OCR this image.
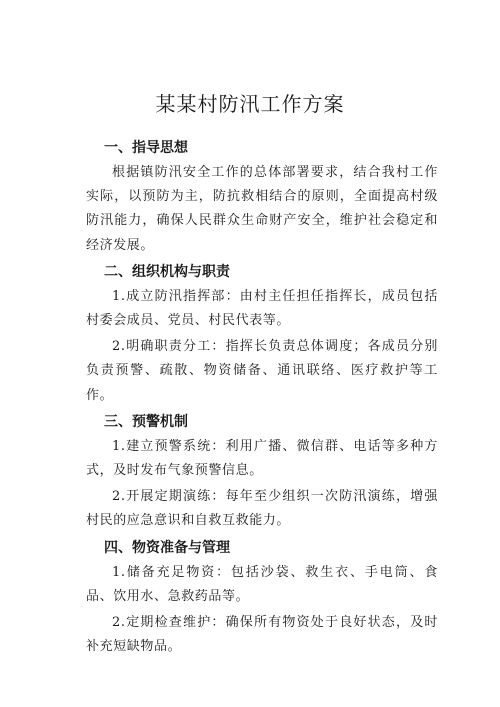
某某村防汛工作方案
一、指导思想

根据镇防汛安全工作的总体部署要求，结合我村工作实际，以预防为主，防抗救相结合的原则，全面提高村级防汛能力，确保人民群众生命财产安全，维护社会稳定和经济发展。

二、组织机构与职责

1.成立防汛指挥部：由村主任担任指挥长，成员包括村委会成员、党员、村民代表等。

2.明确职责分工：指挥长负责总体调度；各成员分别负责预警、疏散、物资储备、通讯联络、医疗救护等工作。

三、预警机制

1.建立预警系统：利用广播、微信群、电话等多种方式，及时发布气象预警信息。

2.开展定期演练：每年至少组织一次防汛演练，增强村民的应急意识和自救互救能力。

四、物资准备与管理

1.储备充足物资：包括沙袋、救生衣、手电筒、食品、饮用水、急救药品等。

2.定期检查维护：确保所有物资处于良好状态，及时补充短缺物品。
